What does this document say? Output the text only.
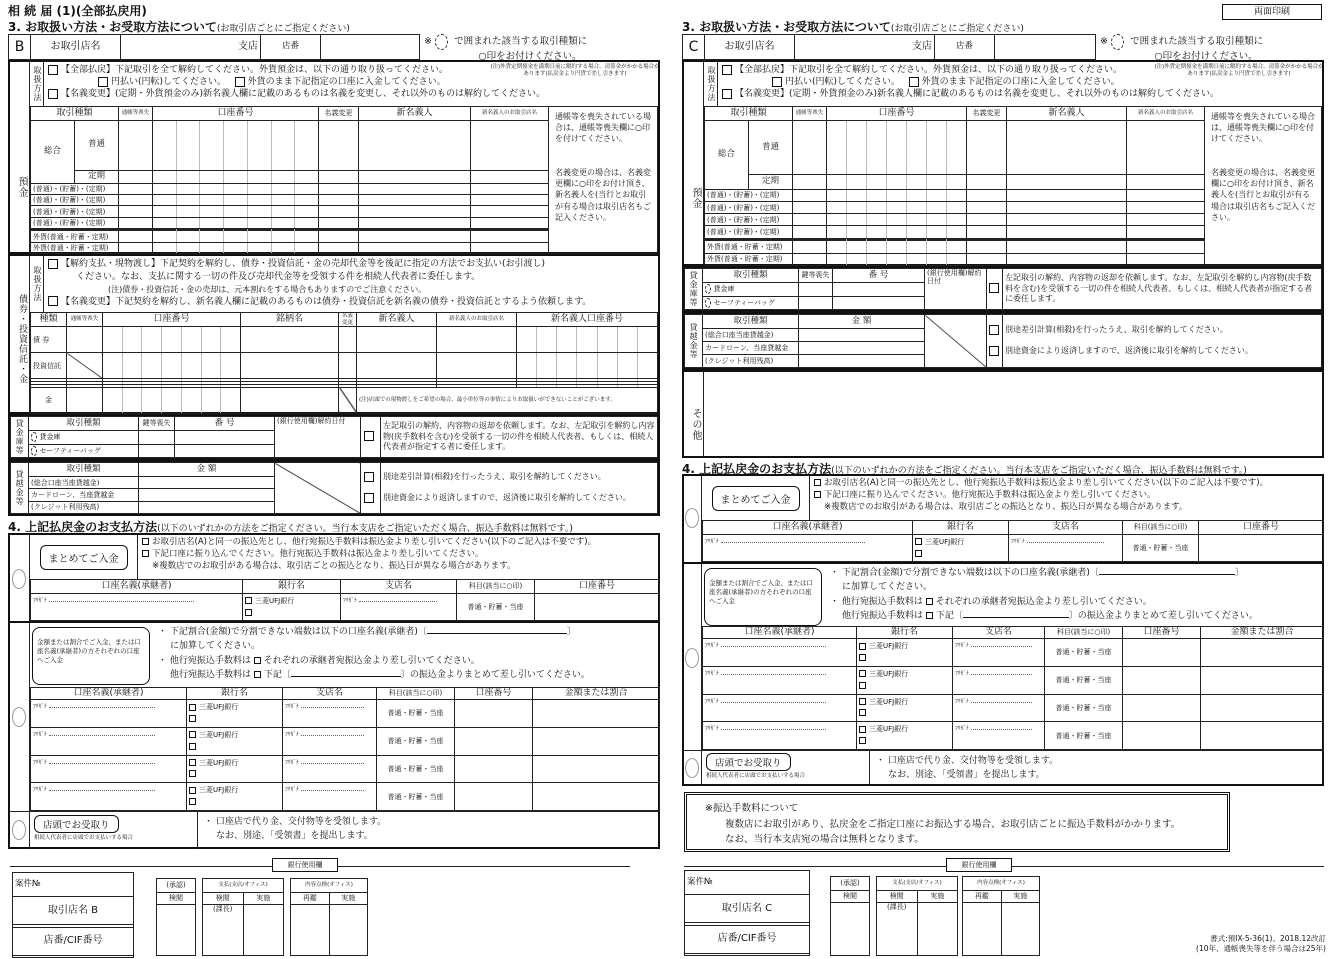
相 続 届 (1)(全部払戻用)
3. お取扱い方法・お受取方法について(お取引店ごとにご指定ください)
B	お取引店名	支店	店番		※ で囲まれた該当する取引種類に
○印をお付けください。
預金
取扱方法	【全部払戻】下記取引を全て解約してください。外貨預金は、以下の通り取り扱ってください。
円払い(円転)してください。 外貨のまま下記指定の口座に入金してください。
【名義変更】(定期・外貨預金のみ)新名義人欄に記載のあるものは名義を変更し、それ以外のものは解約してください。
(注)外貨定期預金を満期日前に解約する場合、清算金がかかる場合があります(払戻金より円貨で差し引きます)
取引種類		通帳等喪失	口座番号	名義変更	新名義人	新名義人のお取引店名	通帳等を喪失されている場合は、通帳等喪失欄に○印を付けてください。

名義変更の場合は、名義変更欄に○印をお付け頂き、新名義人を(当行とお取引が有る場合は取引店名もご記入ください。

総合	普通			

	定期			

(普通)・(貯蓄)・(定期)				

(普通)・(貯蓄)・(定期)				

(普通)・(貯蓄)・(定期)				

(普通)・(貯蓄)・(定期)				

外貨(普通・貯蓄・定期)				

外貨(普通・貯蓄・定期)				

債券・投資信託・金
取扱方法
【解約支払・現物渡し】下記契約を解約し、債券・投資信託・金の売却代金等を後記に指定の方法でお支払い(お引渡し)
ください。なお、支払に関する一切の件及び売却代金等を受領する件を相続人代表者に委任します。
(注)債券・投資信託・金の売却は、元本割れをする場合もありますのでご注意ください。
【名義変更】下記契約を解約し、新名義人欄に記載のあるものは債券・投資信託を新名義の債券・投資信託とするよう依頼します。
種類	通帳等喪失	口座番号	銘柄名	名義変更	新名義人	新名義人のお取引店名	新名義人口座番号
債 券		

投資信託		

金					(注)店頭での現物渡しをご希望の場合、最小単位等の事情によりお取扱いができないことがございます。		
貸金庫等	取引種類	鍵等喪失	番 号	(銀行使用欄)解約日付		左記取引の解約、内容物の返却を依頼します。なお、左記取引を解約し内容物(戻手数料を含む)を受領する一切の件を相続人代表者、もしくは、相続人代表者が指定する者に委任します。
	貸金庫					
	セーフティーバッグ					
貸越金等	取引種類	金 額			別途差引計算(相殺)を行ったうえ、取引を解約してください。
別途資金により返済しますので、返済後に取引を解約してください。
	(総合口座当座貸越金)				
	カードローン、当座貸越金				
	(クレジット利用残高)				
4. 上記払戻金のお支払方法(以下のいずれかの方法をご指定ください。当行本支店をご指定いただく場合、振込手数料は無料です。)
まとめてご入金
お取引店名(A)と同一の振込先とし、他行宛振込手数料は振込金より差し引いてください(以下のご記入は不要です)。
下記口座に振り込んでください。他行宛振込手数料は振込金より差し引いてください。
※複数店でのお取引がある場合は、取引店ごとの振込となり、振込日が異なる場合があります。
口座名義(承継者)	銀行名	支店名	科目(該当に○印)	口座番号
ﾌﾘｶﾞﾅ	三菱UFJ銀行	ﾌﾘｶﾞﾅ	普通・貯蓄・当座	
金額または割合でご入金、または口座名義(承継者)の方それぞれの口座へご入金
・ 下記割合(金額)で分割できない端数は以下の口座名義(承継者)〔	〕
に加算してください。
・ 他行宛振込手数料は それぞれの承継者宛振込金より差し引いてください。
他行宛振込手数料は 下記〔	〕の振込金よりまとめて差し引いてください。
口座名義(承継者)	銀行名	支店名	科目(該当に○印)	口座番号	金額または割合
ﾌﾘｶﾞﾅ	三菱UFJ銀行	ﾌﾘｶﾞﾅ	普通・貯蓄・当座		
ﾌﾘｶﾞﾅ	三菱UFJ銀行	ﾌﾘｶﾞﾅ	普通・貯蓄・当座		
ﾌﾘｶﾞﾅ	三菱UFJ銀行	ﾌﾘｶﾞﾅ	普通・貯蓄・当座		
ﾌﾘｶﾞﾅ	三菱UFJ銀行	ﾌﾘｶﾞﾅ	普通・貯蓄・当座		
店頭でお受取り
相続人代表者に店頭でお支払いする場合
・ 口座店で代り金、交付物等を受領します。
なお、別途、「受領書」を提出します。
銀行使用欄
案件№
取引店名 B

店番/CIF番号

(承認)
検閲

支払(支店/オフィス)	
検閲	実施
(課長)	
内容点検(オフィス)	
再鑑	実施

両面印刷
3. お取扱い方法・お受取方法について(お取引店ごとにご指定ください)
C	お取引店名	支店	店番		※ で囲まれた該当する取引種類に
○印をお付けください。
預金
取扱方法	【全部払戻】下記取引を全て解約してください。外貨預金は、以下の通り取り扱ってください。
円払い(円転)してください。 外貨のまま下記指定の口座に入金してください。
【名義変更】(定期・外貨預金のみ)新名義人欄に記載のあるものは名義を変更し、それ以外のものは解約してください。
(注)外貨定期預金を満期日前に解約する場合、清算金がかかる場合があります(払戻金より円貨で差し引きます)
取引種類		通帳等喪失	口座番号	名義変更	新名義人	新名義人のお取引店名	通帳等を喪失されている場合は、通帳等喪失欄に○印を付けてください。

名義変更の場合は、名義変更欄に○印をお付け頂き、新名義人を(当行とお取引が有る場合は取引店名もご記入ください。

総合	普通			

	定期			

(普通)・(貯蓄)・(定期)				

(普通)・(貯蓄)・(定期)				

(普通)・(貯蓄)・(定期)				

(普通)・(貯蓄)・(定期)				

外貨(普通・貯蓄・定期)				

外貨(普通・貯蓄・定期)				

貸金庫等	取引種類	鍵等喪失	番 号	(銀行使用欄)解約日付		左記取引の解約、内容物の返却を依頼します。なお、左記取引を解約し内容物(戻手数料を含む)を受領する一切の件を相続人代表者、もしくは、相続人代表者が指定する者に委任します。
	貸金庫					
	セーフティーバッグ					
貸越金等	取引種類	金 額			別途差引計算(相殺)を行ったうえ、取引を解約してください。
別途資金により返済しますので、返済後に取引を解約してください。
	(総合口座当座貸越金)				
	カードローン、当座貸越金				
	(クレジット利用残高)				
その他
4. 上記払戻金のお支払方法(以下のいずれかの方法をご指定ください。当行本支店をご指定いただく場合、振込手数料は無料です。)
まとめてご入金
お取引店名(A)と同一の振込先とし、他行宛振込手数料は振込金より差し引いてください(以下のご記入は不要です)。
下記口座に振り込んでください。他行宛振込手数料は振込金より差し引いてください。
※複数店でのお取引がある場合は、取引店ごとの振込となり、振込日が異なる場合があります。
口座名義(承継者)	銀行名	支店名	科目(該当に○印)	口座番号
ﾌﾘｶﾞﾅ	三菱UFJ銀行	ﾌﾘｶﾞﾅ	普通・貯蓄・当座	
金額または割合でご入金、または口座名義(承継者)の方それぞれの口座へご入金
・ 下記割合(金額)で分割できない端数は以下の口座名義(承継者)〔	〕
に加算してください。
・ 他行宛振込手数料は それぞれの承継者宛振込金より差し引いてください。
他行宛振込手数料は 下記〔	〕の振込金よりまとめて差し引いてください。
口座名義(承継者)	銀行名	支店名	科目(該当に○印)	口座番号	金額または割合
ﾌﾘｶﾞﾅ	三菱UFJ銀行	ﾌﾘｶﾞﾅ	普通・貯蓄・当座		
ﾌﾘｶﾞﾅ	三菱UFJ銀行	ﾌﾘｶﾞﾅ	普通・貯蓄・当座		
ﾌﾘｶﾞﾅ	三菱UFJ銀行	ﾌﾘｶﾞﾅ	普通・貯蓄・当座		
ﾌﾘｶﾞﾅ	三菱UFJ銀行	ﾌﾘｶﾞﾅ	普通・貯蓄・当座		
店頭でお受取り
相続人代表者に店頭でお支払いする場合
・ 口座店で代り金、交付物等を受領します。
なお、別途、「受領書」を提出します。
※振込手数料について
複数店にお取引があり、払戻金をご指定口座にお振込する場合、お取引店ごとに振込手数料がかかります。
なお、当行本支店宛の場合は無料となります。
銀行使用欄
案件№
取引店名 C

店番/CIF番号

(承認)
検閲

支払(支店/オフィス)	
検閲	実施
(課長)	
内容点検(オフィス)	
再鑑	実施

書式:預IX-5-36(1)、2018.12改訂
(10年、通帳喪失等を伴う場合は25年)
